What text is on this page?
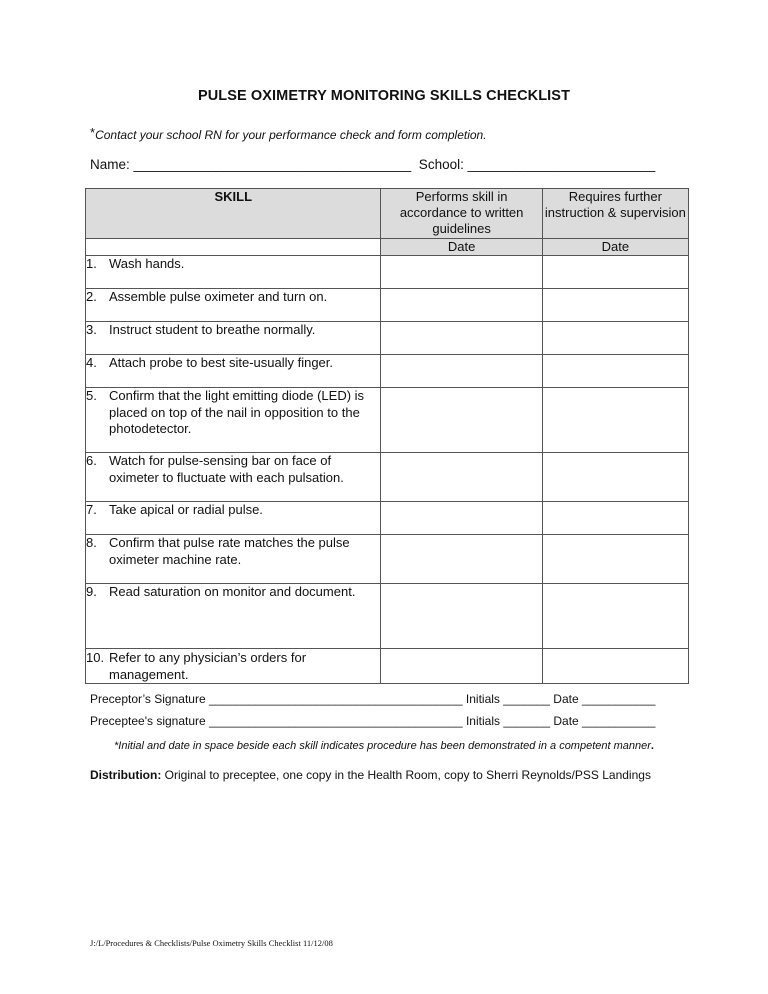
PULSE OXIMETRY MONITORING SKILLS CHECKLIST
*Contact your school RN for your performance check and form completion.
Name: _____________________________________  School: _________________________
SKILL	Performs skill in accordance to written guidelines	Requires further instruction & supervision
	Date	Date

1. Wash hands.		

2. Assemble pulse oximeter and turn on.		

3. Instruct student to breathe normally.		

4. Attach probe to best site-usually finger.		

5. Confirm that the light emitting diode (LED) is placed on top of the nail in opposition to the photodetector.		

6. Watch for pulse-sensing bar on face of oximeter to fluctuate with each pulsation.		

7. Take apical or radial pulse.		

8. Confirm that pulse rate matches the pulse oximeter machine rate.		

9. Read saturation on monitor and document.		

10. Refer to any physician’s orders for management.		

Preceptor’s Signature ______________________________________ Initials _______ Date ___________
Preceptee's signature ______________________________________ Initials _______ Date ___________
*Initial and date in space beside each skill indicates procedure has been demonstrated in a competent manner.
Distribution: Original to preceptee, one copy in the Health Room, copy to Sherri Reynolds/PSS Landings
J:/L/Procedures & Checklists/Pulse Oximetry Skills Checklist 11/12/08
